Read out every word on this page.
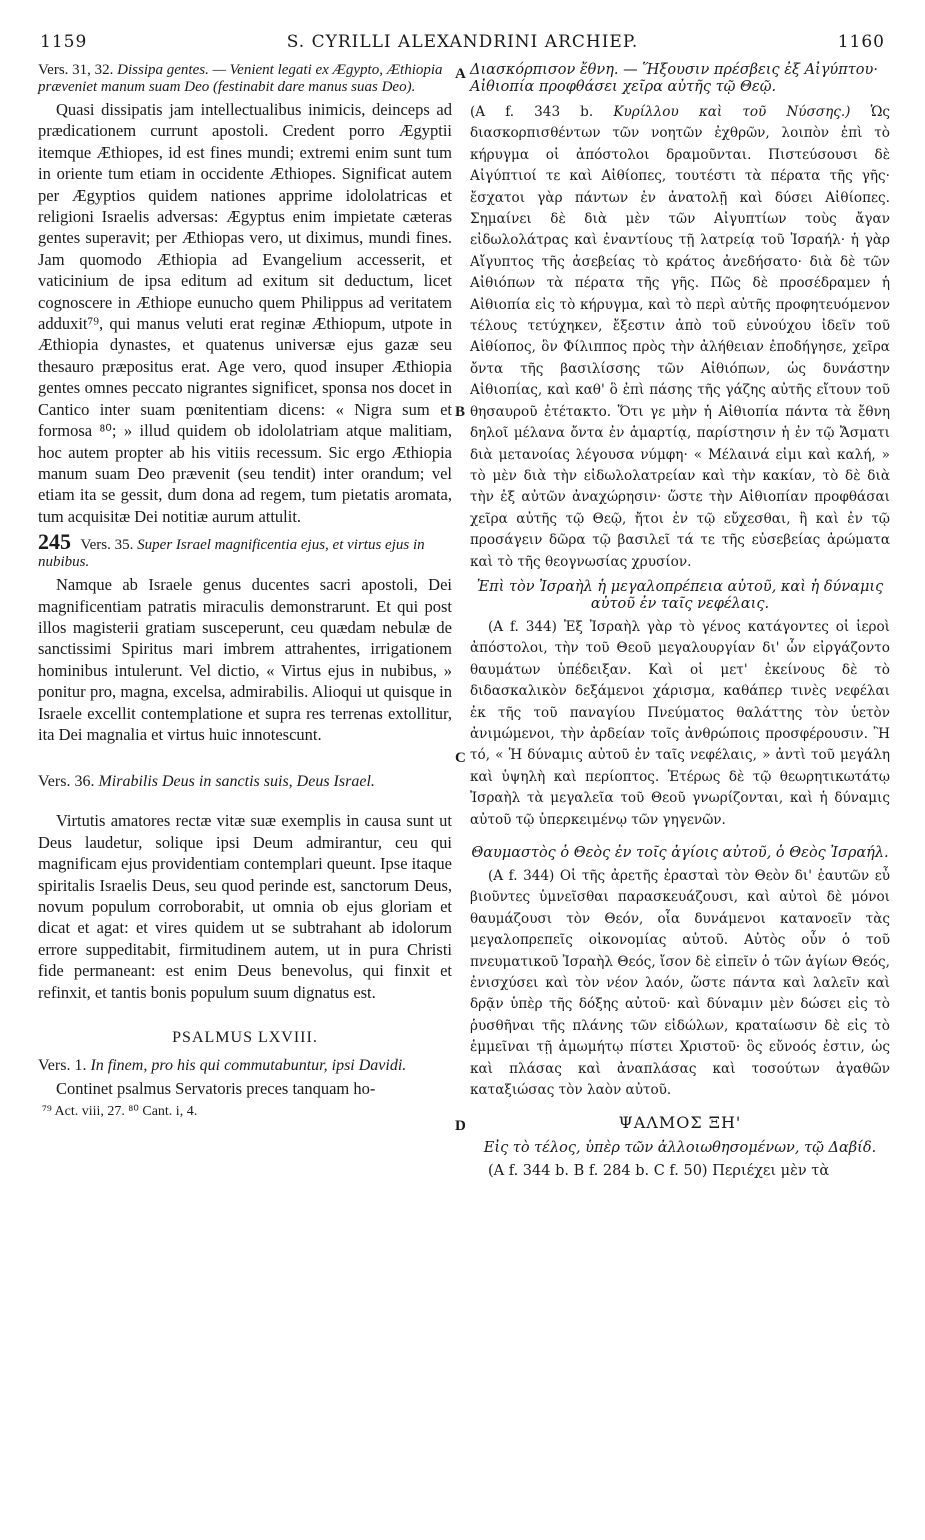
1159	S. CYRILLI ALEXANDRINI ARCHIEP.	1160
A
B
C
D

Vers. 31, 32. Dissipa gentes. — Venient legati ex Ægypto, Æthiopia præveniet manum suam Deo (festinabit dare manus suas Deo).

Quasi dissipatis jam intellectualibus inimicis, deinceps ad prædicationem currunt apostoli. Credent porro Ægyptii itemque Æthiopes, id est fines mundi; extremi enim sunt tum in oriente tum etiam in occidente Æthiopes. Significat autem per Ægyptios quidem nationes apprime idololatricas et religioni Israelis adversas: Ægyptus enim impietate cæteras gentes superavit; per Æthiopas vero, ut diximus, mundi fines. Jam quomodo Æthiopia ad Evangelium accesserit, et vaticinium de ipsa editum ad exitum sit deductum, licet cognoscere in Æthiope eunucho quem Philippus ad veritatem adduxit⁷⁹, qui manus veluti erat reginæ Æthiopum, utpote in Æthiopia dynastes, et quatenus universæ ejus gazæ seu thesauro præpositus erat. Age vero, quod insuper Æthiopia gentes omnes peccato nigrantes significet, sponsa nos docet in Cantico inter suam pœnitentiam dicens: « Nigra sum et formosa ⁸⁰; » illud quidem ob idololatriam atque malitiam, hoc autem propter ab his vitiis recessum. Sic ergo Æthiopia manum suam Deo prævenit (seu tendit) inter orandum; vel etiam ita se gessit, dum dona ad regem, tum pietatis aromata, tum acquisitæ Dei notitiæ aurum attulit.

245 Vers. 35. Super Israel magnificentia ejus, et virtus ejus in nubibus.

Namque ab Israele genus ducentes sacri apostoli, Dei magnificentiam patratis miraculis demonstrarunt. Et qui post illos magisterii gratiam susceperunt, ceu quædam nebulæ de sanctissimi Spiritus mari imbrem attrahentes, irrigationem hominibus intulerunt. Vel dictio, « Virtus ejus in nubibus, » ponitur pro, magna, excelsa, admirabilis. Alioqui ut quisque in Israele excellit contemplatione et supra res terrenas extollitur, ita Dei magnalia et virtus huic innotescunt.

Vers. 36. Mirabilis Deus in sanctis suis, Deus Israel.

Virtutis amatores rectæ vitæ suæ exemplis in causa sunt ut Deus laudetur, solique ipsi Deum admirantur, ceu qui magnificam ejus providentiam contemplari queunt. Ipse itaque spiritalis Israelis Deus, seu quod perinde est, sanctorum Deus, novum populum corroborabit, ut omnia ob ejus gloriam et dicat et agat: et vires quidem ut se subtrahant ab idolorum errore suppeditabit, firmitudinem autem, ut in pura Christi fide permaneant: est enim Deus benevolus, qui finxit et refinxit, et tantis bonis populum suum dignatus est.

PSALMUS LXVIII.

Vers. 1. In finem, pro his qui commutabuntur, ipsi Davidi.

Continet psalmus Servatoris preces tanquam ho-

⁷⁹ Act. viii, 27. ⁸⁰ Cant. i, 4.

Διασκόρπισον ἔθνη. — Ἥξουσιν πρέσβεις ἐξ Αἰγύπτου· Αἰθιοπία προφθάσει χεῖρα αὐτῆς τῷ Θεῷ.

(A f. 343 b. Κυρίλλου καὶ τοῦ Νύσσης.) Ὡς διασκορπισθέντων τῶν νοητῶν ἐχθρῶν, λοιπὸν ἐπὶ τὸ κήρυγμα οἱ ἀπόστολοι δραμοῦνται. Πιστεύσουσι δὲ Αἰγύπτιοί τε καὶ Αἰθίοπες, τουτέστι τὰ πέρατα τῆς γῆς· ἔσχατοι γὰρ πάντων ἐν ἀνατολῇ καὶ δύσει Αἰθίοπες. Σημαίνει δὲ διὰ μὲν τῶν Αἰγυπτίων τοὺς ἄγαν εἰδωλολάτρας καὶ ἐναντίους τῇ λατρείᾳ τοῦ Ἰσραήλ· ἡ γὰρ Αἴγυπτος τῆς ἀσεβείας τὸ κράτος ἀνεδήσατο· διὰ δὲ τῶν Αἰθιόπων τὰ πέρατα τῆς γῆς. Πῶς δὲ προσέδραμεν ἡ Αἰθιοπία εἰς τὸ κήρυγμα, καὶ τὸ περὶ αὐτῆς προφητευόμενον τέλους τετύχηκεν, ἔξεστιν ἀπὸ τοῦ εὐνούχου ἰδεῖν τοῦ Αἰθίοπος, ὃν Φίλιππος πρὸς τὴν ἀλήθειαν ἐποδήγησε, χεῖρα ὄντα τῆς βασιλίσσης τῶν Αἰθιόπων, ὡς δυνάστην Αἰθιοπίας, καὶ καθ' ὃ ἐπὶ πάσης τῆς γάζης αὐτῆς εἴτουν τοῦ θησαυροῦ ἐτέτακτο. Ὅτι γε μὴν ἡ Αἰθιοπία πάντα τὰ ἔθνη δηλοῖ μέλανα ὄντα ἐν ἁμαρτίᾳ, παρίστησιν ἡ ἐν τῷ Ἄσματι διὰ μετανοίας λέγουσα νύμφη· « Μέλαινά εἰμι καὶ καλή, » τὸ μὲν διὰ τὴν εἰδωλολατρείαν καὶ τὴν κακίαν, τὸ δὲ διὰ τὴν ἐξ αὐτῶν ἀναχώρησιν· ὥστε τὴν Αἰθιοπίαν προφθάσαι χεῖρα αὐτῆς τῷ Θεῷ, ἤτοι ἐν τῷ εὔχεσθαι, ἢ καὶ ἐν τῷ προσάγειν δῶρα τῷ βασιλεῖ τά τε τῆς εὐσεβείας ἀρώματα καὶ τὸ τῆς θεογνωσίας χρυσίον.

Ἐπὶ τὸν Ἰσραὴλ ἡ μεγαλοπρέπεια αὐτοῦ, καὶ ἡ δύναμις αὐτοῦ ἐν ταῖς νεφέλαις.

(A f. 344) Ἐξ Ἰσραὴλ γὰρ τὸ γένος κατάγοντες οἱ ἱεροὶ ἀπόστολοι, τὴν τοῦ Θεοῦ μεγαλουργίαν δι' ὧν εἰργάζοντο θαυμάτων ὑπέδειξαν. Καὶ οἱ μετ' ἐκείνους δὲ τὸ διδασκαλικὸν δεξάμενοι χάρισμα, καθάπερ τινὲς νεφέλαι ἐκ τῆς τοῦ παναγίου Πνεύματος θαλάττης τὸν ὑετὸν ἀνιμώμενοι, τὴν ἀρδείαν τοῖς ἀνθρώποις προσφέρουσιν. Ἢ τό, « Ἡ δύναμις αὐτοῦ ἐν ταῖς νεφέλαις, » ἀντὶ τοῦ μεγάλη καὶ ὑψηλὴ καὶ περίοπτος. Ἑτέρως δὲ τῷ θεωρητικωτάτῳ Ἰσραὴλ τὰ μεγαλεῖα τοῦ Θεοῦ γνωρίζονται, καὶ ἡ δύναμις αὐτοῦ τῷ ὑπερκειμένῳ τῶν γηγενῶν.

Θαυμαστὸς ὁ Θεὸς ἐν τοῖς ἁγίοις αὐτοῦ, ὁ Θεὸς Ἰσραήλ.

(A f. 344) Οἱ τῆς ἀρετῆς ἐρασταὶ τὸν Θεὸν δι' ἑαυτῶν εὖ βιοῦντες ὑμνεῖσθαι παρασκευάζουσι, καὶ αὐτοὶ δὲ μόνοι θαυμάζουσι τὸν Θεόν, οἷα δυνάμενοι κατανοεῖν τὰς μεγαλοπρεπεῖς οἰκονομίας αὐτοῦ. Αὐτὸς οὖν ὁ τοῦ πνευματικοῦ Ἰσραὴλ Θεός, ἴσον δὲ εἰπεῖν ὁ τῶν ἁγίων Θεός, ἐνισχύσει καὶ τὸν νέον λαόν, ὥστε πάντα καὶ λαλεῖν καὶ δρᾷν ὑπὲρ τῆς δόξης αὐτοῦ· καὶ δύναμιν μὲν δώσει εἰς τὸ ῥυσθῆναι τῆς πλάνης τῶν εἰδώλων, κραταίωσιν δὲ εἰς τὸ ἐμμεῖναι τῇ ἀμωμήτῳ πίστει Χριστοῦ· ὃς εὔνοός ἐστιν, ὡς καὶ πλάσας καὶ ἀναπλάσας καὶ τοσούτων ἀγαθῶν καταξιώσας τὸν λαὸν αὐτοῦ.

ΨΑΛΜΟΣ ΞΗ'

Εἰς τὸ τέλος, ὑπὲρ τῶν ἀλλοιωθησομένων, τῷ Δαβίδ.

(A f. 344 b. B f. 284 b. C f. 50) Περιέχει μὲν τὰ
